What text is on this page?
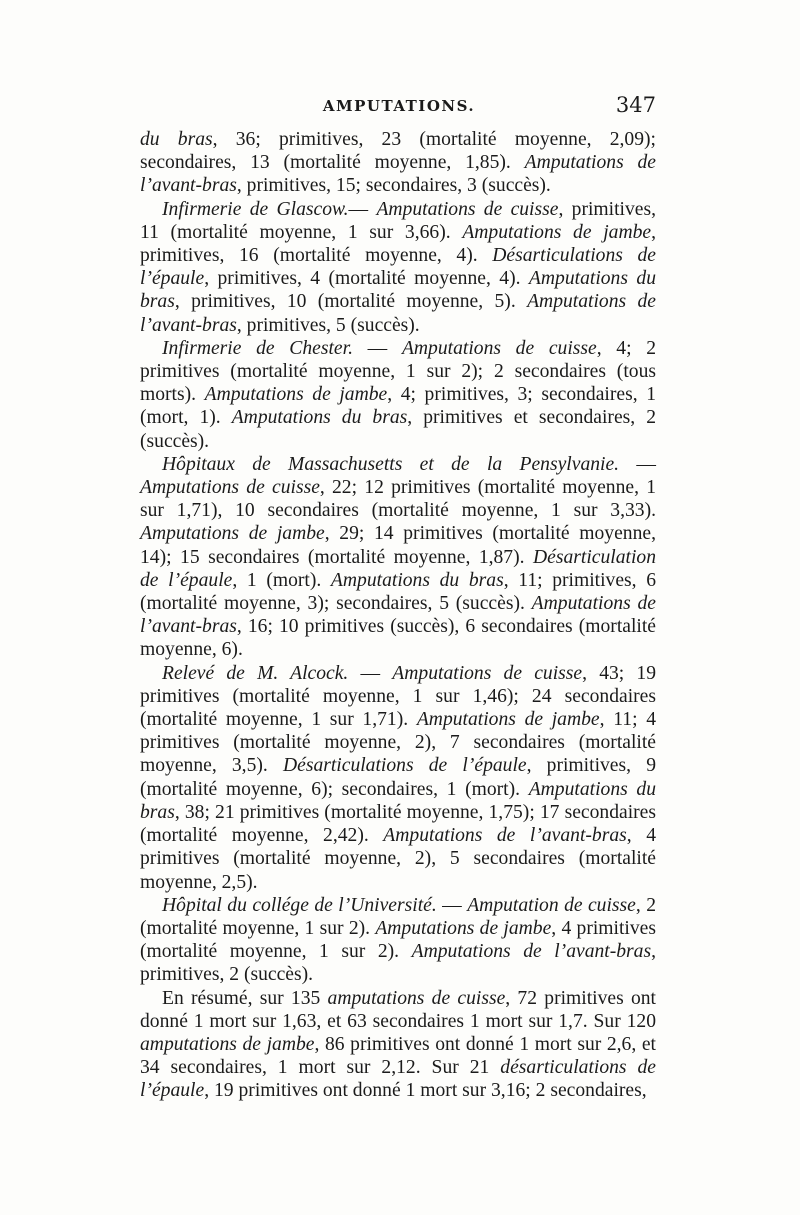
AMPUTATIONS.	347

du bras, 36; primitives, 23 (mortalité moyenne, 2,09); secondaires, 13 (mortalité moyenne, 1,85). Amputations de l’avant-bras, primitives, 15; secondaires, 3 (succès).

Infirmerie de Glascow.— Amputations de cuisse, primitives, 11 (mortalité moyenne, 1 sur 3,66). Amputations de jambe, primitives, 16 (mortalité moyenne, 4). Désarticulations de l’épaule, primitives, 4 (mortalité moyenne, 4). Amputations du bras, primitives, 10 (mortalité moyenne, 5). Amputations de l’avant-bras, primitives, 5 (succès).

Infirmerie de Chester. — Amputations de cuisse, 4; 2 primitives (mortalité moyenne, 1 sur 2); 2 secondaires (tous morts). Amputations de jambe, 4; primitives, 3; secondaires, 1 (mort, 1). Amputations du bras, primitives et secondaires, 2 (succès).

Hôpitaux de Massachusetts et de la Pensylvanie. — Amputations de cuisse, 22; 12 primitives (mortalité moyenne, 1 sur 1,71), 10 secondaires (mortalité moyenne, 1 sur 3,33). Amputations de jambe, 29; 14 primitives (mortalité moyenne, 14); 15 secondaires (mortalité moyenne, 1,87). Désarticulation de l’épaule, 1 (mort). Amputations du bras, 11; primitives, 6 (mortalité moyenne, 3); secondaires, 5 (succès). Amputations de l’avant-bras, 16; 10 primitives (succès), 6 secondaires (mortalité moyenne, 6).

Relevé de M. Alcock. — Amputations de cuisse, 43; 19 primitives (mortalité moyenne, 1 sur 1,46); 24 secondaires (mortalité moyenne, 1 sur 1,71). Amputations de jambe, 11; 4 primitives (mortalité moyenne, 2), 7 secondaires (mortalité moyenne, 3,5). Désarticulations de l’épaule, primitives, 9 (mortalité moyenne, 6); secondaires, 1 (mort). Amputations du bras, 38; 21 primitives (mortalité moyenne, 1,75); 17 secondaires (mortalité moyenne, 2,42). Amputations de l’avant-bras, 4 primitives (mortalité moyenne, 2), 5 secondaires (mortalité moyenne, 2,5).

Hôpital du collége de l’Université. — Amputation de cuisse, 2 (mortalité moyenne, 1 sur 2). Amputations de jambe, 4 primitives (mortalité moyenne, 1 sur 2). Amputations de l’avant-bras, primitives, 2 (succès).

En résumé, sur 135 amputations de cuisse, 72 primitives ont donné 1 mort sur 1,63, et 63 secondaires 1 mort sur 1,7. Sur 120 amputations de jambe, 86 primitives ont donné 1 mort sur 2,6, et 34 secondaires, 1 mort sur 2,12. Sur 21 désarticulations de l’épaule, 19 primitives ont donné 1 mort sur 3,16; 2 secondaires,
